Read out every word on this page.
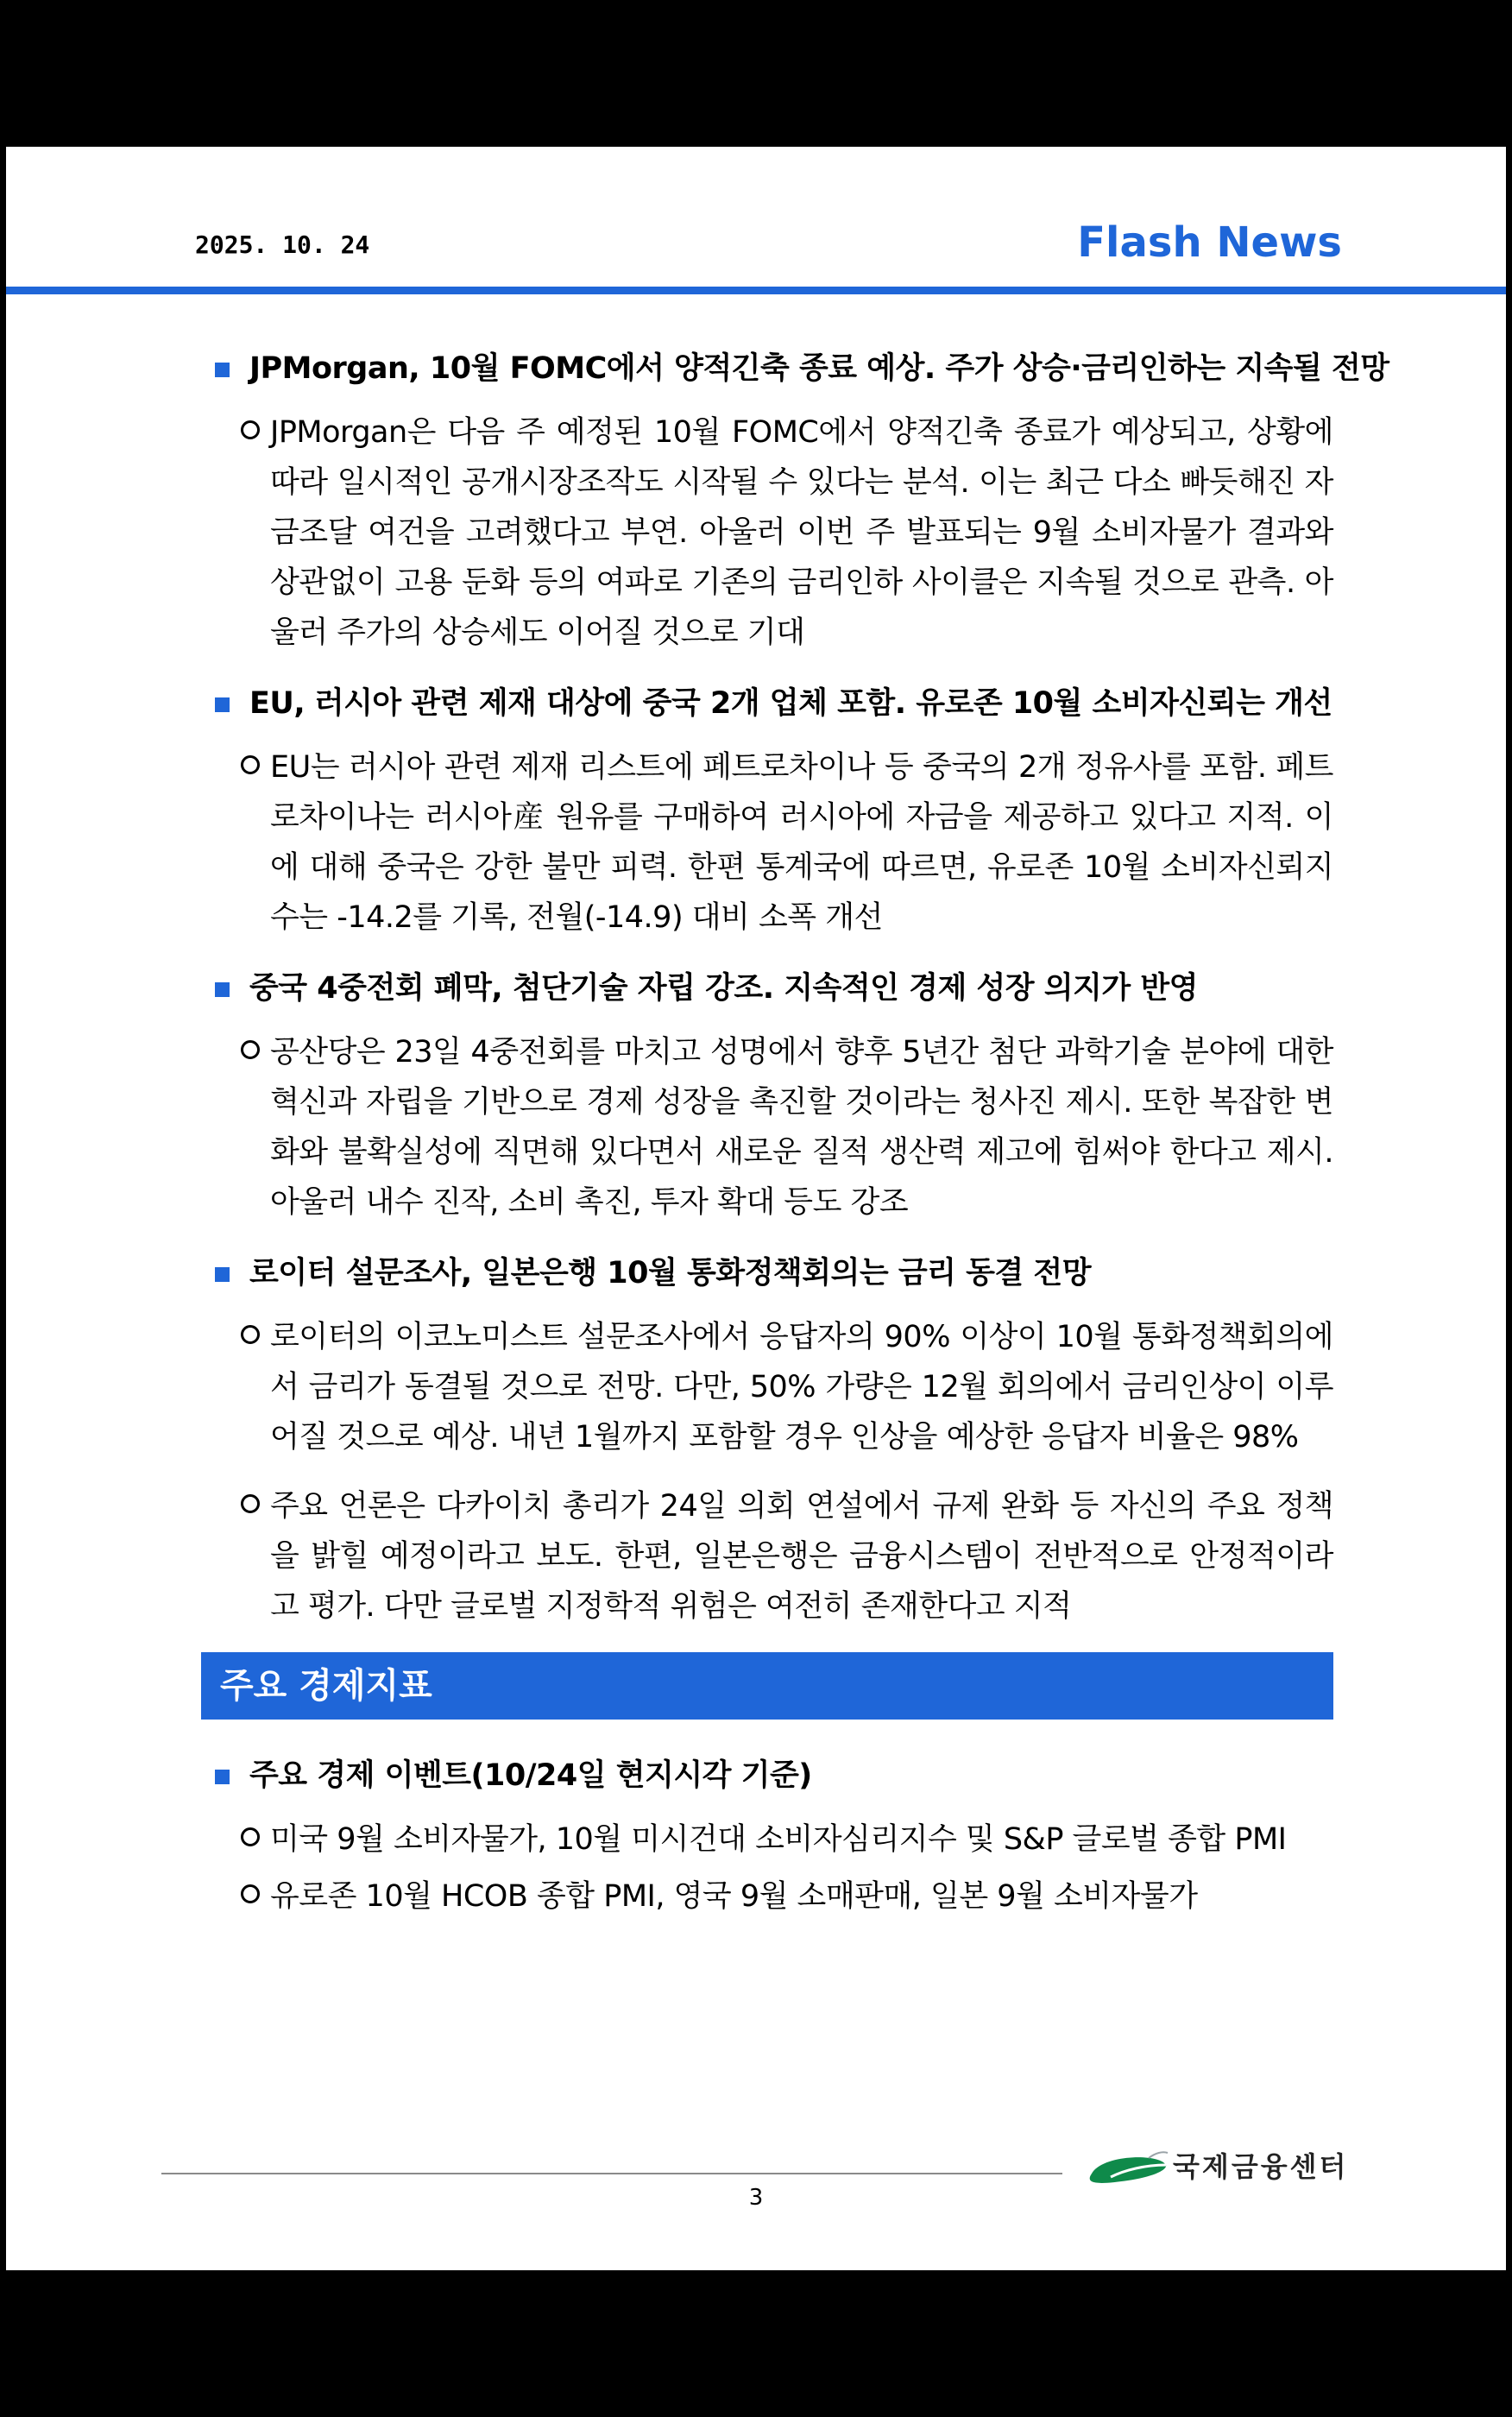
2025. 10. 24	Flash News

JPMorgan, 10월 FOMC에서 양적긴축 종료 예상. 주가 상승·금리인하는 지속될 전망
JPMorgan은 다음 주 예정된 10월 FOMC에서 양적긴축 종료가 예상되고, 상황에 따라 일시적인 공개시장조작도 시작될 수 있다는 분석. 이는 최근 다소 빠듯해진 자금조달 여건을 고려했다고 부연. 아울러 이번 주 발표되는 9월 소비자물가 결과와 상관없이 고용 둔화 등의 여파로 기존의 금리인하 사이클은 지속될 것으로 관측. 아울러 주가의 상승세도 이어질 것으로 기대
EU, 러시아 관련 제재 대상에 중국 2개 업체 포함. 유로존 10월 소비자신뢰는 개선
EU는 러시아 관련 제재 리스트에 페트로차이나 등 중국의 2개 정유사를 포함. 페트로차이나는 러시아産 원유를 구매하여 러시아에 자금을 제공하고 있다고 지적. 이에 대해 중국은 강한 불만 피력. 한편 통계국에 따르면, 유로존 10월 소비자신뢰지수는 -14.2를 기록, 전월(-14.9) 대비 소폭 개선
중국 4중전회 폐막, 첨단기술 자립 강조. 지속적인 경제 성장 의지가 반영
공산당은 23일 4중전회를 마치고 성명에서 향후 5년간 첨단 과학기술 분야에 대한 혁신과 자립을 기반으로 경제 성장을 촉진할 것이라는 청사진 제시. 또한 복잡한 변화와 불확실성에 직면해 있다면서 새로운 질적 생산력 제고에 힘써야 한다고 제시. 아울러 내수 진작, 소비 촉진, 투자 확대 등도 강조
로이터 설문조사, 일본은행 10월 통화정책회의는 금리 동결 전망
로이터의 이코노미스트 설문조사에서 응답자의 90% 이상이 10월 통화정책회의에서 금리가 동결될 것으로 전망. 다만, 50% 가량은 12월 회의에서 금리인상이 이루어질 것으로 예상. 내년 1월까지 포함할 경우 인상을 예상한 응답자 비율은 98%
주요 언론은 다카이치 총리가 24일 의회 연설에서 규제 완화 등 자신의 주요 정책을 밝힐 예정이라고 보도. 한편, 일본은행은 금융시스템이 전반적으로 안정적이라고 평가. 다만 글로벌 지정학적 위험은 여전히 존재한다고 지적
주요 경제지표
주요 경제 이벤트(10/24일 현지시각 기준)
미국 9월 소비자물가, 10월 미시건대 소비자심리지수 및 S&P 글로벌 종합 PMI
유로존 10월 HCOB 종합 PMI, 영국 9월 소매판매, 일본 9월 소비자물가

국제금융센터

3
